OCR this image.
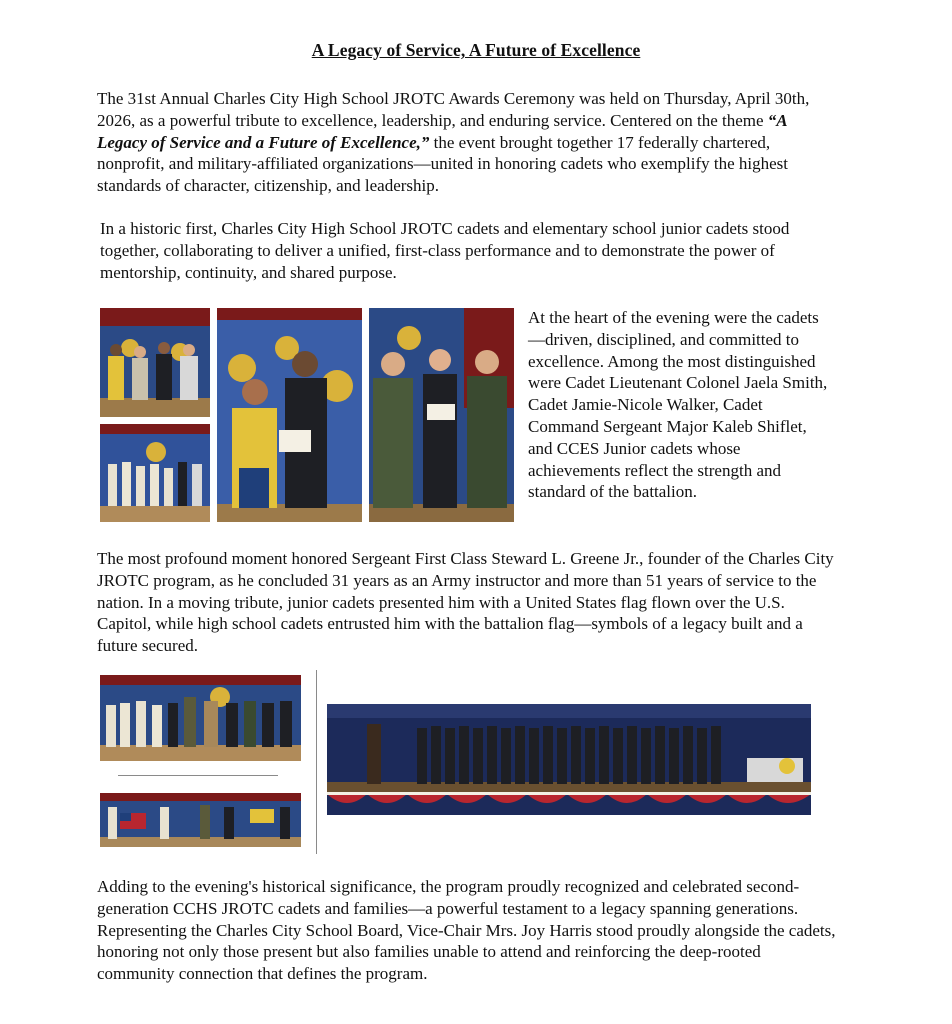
A Legacy of Service, A Future of Excellence

The 31st Annual Charles City High School JROTC Awards Ceremony was held on Thursday, April 30th, 2026, as a powerful tribute to excellence, leadership, and enduring service. Centered on the theme “A Legacy of Service and a Future of Excellence,” the event brought together 17 federally chartered, nonprofit, and military-affiliated organizations—united in honoring cadets who exemplify the highest standards of character, citizenship, and leadership.

In a historic first, Charles City High School JROTC cadets and elementary school junior cadets stood together, collaborating to deliver a unified, first-class performance and to demonstrate the power of mentorship, continuity, and shared purpose.

At the heart of the evening were the cadets—driven, disciplined, and committed to excellence. Among the most distinguished were Cadet Lieutenant Colonel Jaela Smith, Cadet Jamie-Nicole Walker, Cadet Command Sergeant Major Kaleb Shiflet, and CCES Junior cadets whose achievements reflect the strength and standard of the battalion.

The most profound moment honored Sergeant First Class Steward L. Greene Jr., founder of the Charles City JROTC program, as he concluded 31 years as an Army instructor and more than 51 years of service to the nation. In a moving tribute, junior cadets presented him with a United States flag flown over the U.S. Capitol, while high school cadets entrusted him with the battalion flag—symbols of a legacy built and a future secured.

Adding to the evening's historical significance, the program proudly recognized and celebrated second-generation CCHS JROTC cadets and families—a powerful testament to a legacy spanning generations. Representing the Charles City School Board, Vice-Chair Mrs. Joy Harris stood proudly alongside the cadets, honoring not only those present but also families unable to attend and reinforcing the deep-rooted community connection that defines the program.
